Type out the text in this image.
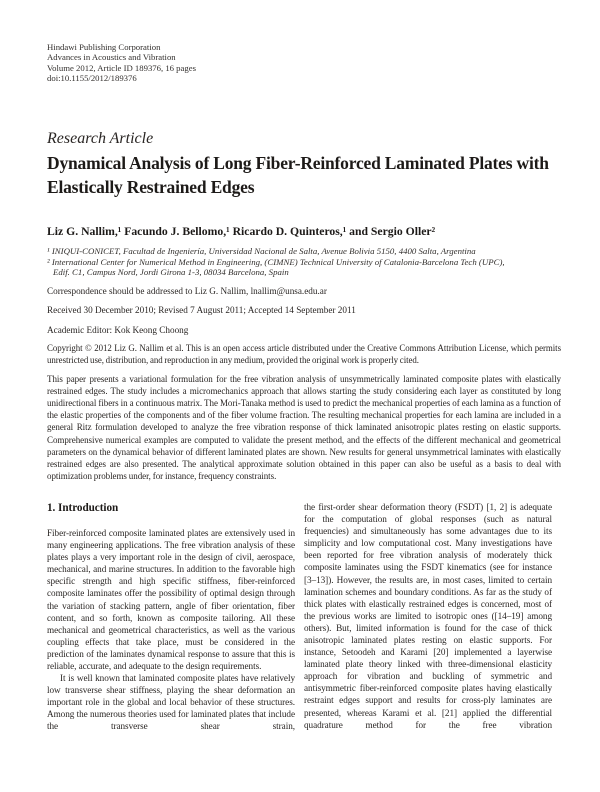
Hindawi Publishing Corporation
Advances in Acoustics and Vibration
Volume 2012, Article ID 189376, 16 pages
doi:10.1155/2012/189376
Research Article
Dynamical Analysis of Long Fiber-Reinforced Laminated Plates with Elastically Restrained Edges
Liz G. Nallim,¹ Facundo J. Bellomo,¹ Ricardo D. Quinteros,¹ and Sergio Oller²

¹ INIQUI-CONICET, Facultad de Ingeniería, Universidad Nacional de Salta, Avenue Bolivia 5150, 4400 Salta, Argentina

² International Center for Numerical Method in Engineering, (CIMNE) Technical University of Catalonia-Barcelona Tech (UPC),

Edif. C1, Campus Nord, Jordi Girona 1-3, 08034 Barcelona, Spain

Correspondence should be addressed to Liz G. Nallim, lnallim@unsa.edu.ar
Received 30 December 2010; Revised 7 August 2011; Accepted 14 September 2011
Academic Editor: Kok Keong Choong
Copyright © 2012 Liz G. Nallim et al. This is an open access article distributed under the Creative Commons Attribution License, which permits unrestricted use, distribution, and reproduction in any medium, provided the original work is properly cited.
This paper presents a variational formulation for the free vibration analysis of unsymmetrically laminated composite plates with elastically restrained edges. The study includes a micromechanics approach that allows starting the study considering each layer as constituted by long unidirectional fibers in a continuous matrix. The Mori-Tanaka method is used to predict the mechanical properties of each lamina as a function of the elastic properties of the components and of the fiber volume fraction. The resulting mechanical properties for each lamina are included in a general Ritz formulation developed to analyze the free vibration response of thick laminated anisotropic plates resting on elastic supports. Comprehensive numerical examples are computed to validate the present method, and the effects of the different mechanical and geometrical parameters on the dynamical behavior of different laminated plates are shown. New results for general unsymmetrical laminates with elastically restrained edges are also presented. The analytical approximate solution obtained in this paper can also be useful as a basis to deal with optimization problems under, for instance, frequency constraints.
1. Introduction

Fiber-reinforced composite laminated plates are extensively used in many engineering applications. The free vibration analysis of these plates plays a very important role in the design of civil, aerospace, mechanical, and marine structures. In addition to the favorable high specific strength and high specific stiffness, fiber-reinforced composite laminates offer the possibility of optimal design through the variation of stacking pattern, angle of fiber orientation, fiber content, and so forth, known as composite tailoring. All these mechanical and geometrical characteristics, as well as the various coupling effects that take place, must be considered in the prediction of the laminates dynamical response to assure that this is reliable, accurate, and adequate to the design requirements.

It is well known that laminated composite plates have relatively low transverse shear stiffness, playing the shear deformation an important role in the global and local behavior of these structures. Among the numerous theories used for laminated plates that include the transverse shear strain,

the first-order shear deformation theory (FSDT) [1, 2] is adequate for the computation of global responses (such as natural frequencies) and simultaneously has some advantages due to its simplicity and low computational cost. Many investigations have been reported for free vibration analysis of moderately thick composite laminates using the FSDT kinematics (see for instance [3–13]). However, the results are, in most cases, limited to certain lamination schemes and boundary conditions. As far as the study of thick plates with elastically restrained edges is concerned, most of the previous works are limited to isotropic ones ([14–19] among others). But, limited information is found for the case of thick anisotropic laminated plates resting on elastic supports. For instance, Setoodeh and Karami [20] implemented a layerwise laminated plate theory linked with three-dimensional elasticity approach for vibration and buckling of symmetric and antisymmetric fiber-reinforced composite plates having elastically restraint edges support and results for cross-ply laminates are presented, whereas Karami et al. [21] applied the differential quadrature method for the free vibration
